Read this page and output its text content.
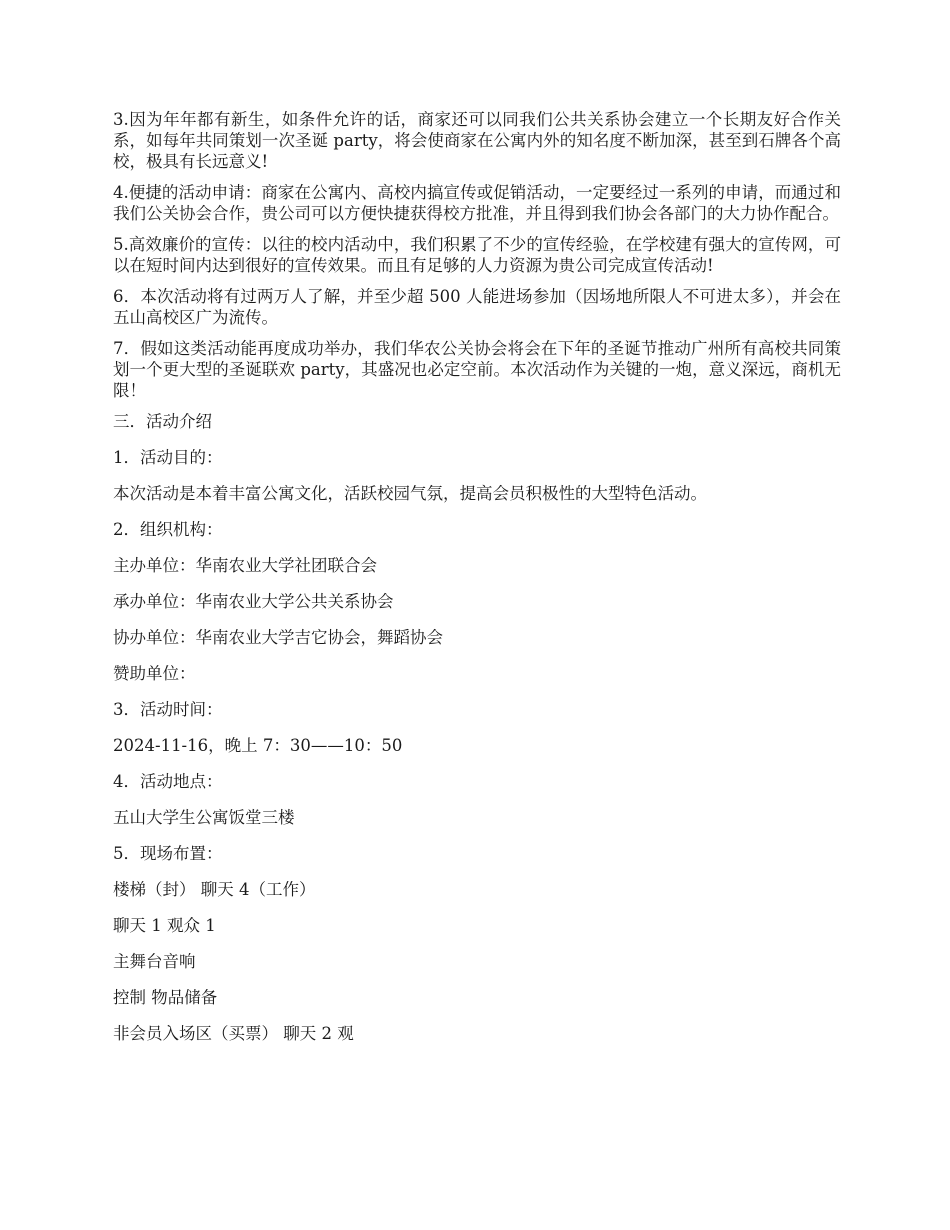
3.因为年年都有新生，如条件允许的话，商家还可以同我们公共关系协会建立一个长期友好合作关系，如每年共同策划一次圣诞 party，将会使商家在公寓内外的知名度不断加深，甚至到石牌各个高校，极具有长远意义!

4.便捷的活动申请：商家在公寓内、高校内搞宣传或促销活动，一定要经过一系列的申请，而通过和我们公关协会合作，贵公司可以方便快捷获得校方批准，并且得到我们协会各部门的大力协作配合。

5.高效廉价的宣传：以往的校内活动中，我们积累了不少的宣传经验，在学校建有强大的宣传网，可以在短时间内达到很好的宣传效果。而且有足够的人力资源为贵公司完成宣传活动!

6．本次活动将有过两万人了解，并至少超 500 人能进场参加（因场地所限人不可进太多），并会在五山高校区广为流传。

7．假如这类活动能再度成功举办，我们华农公关协会将会在下年的圣诞节推动广州所有高校共同策划一个更大型的圣诞联欢 party，其盛况也必定空前。本次活动作为关键的一炮，意义深远，商机无限！

三．活动介绍

1．活动目的：

本次活动是本着丰富公寓文化，活跃校园气氛，提高会员积极性的大型特色活动。

2．组织机构：

主办单位：华南农业大学社团联合会

承办单位：华南农业大学公共关系协会

协办单位：华南农业大学吉它协会，舞蹈协会

赞助单位：

3．活动时间：

2024-11-16，晚上 7：30——10：50

4．活动地点：

五山大学生公寓饭堂三楼

5．现场布置：

楼梯（封） 聊天 4（工作）

聊天 1 观众 1

主舞台音响

控制 物品储备

非会员入场区（买票） 聊天 2 观
